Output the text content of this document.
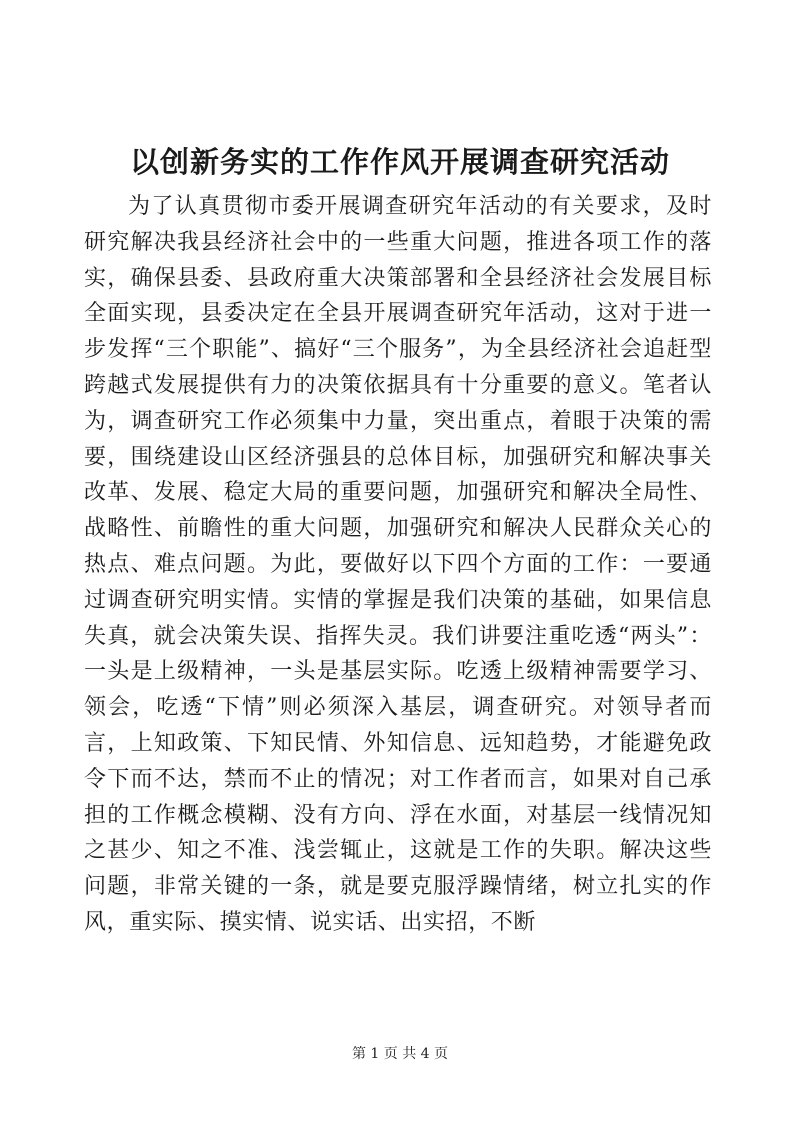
以创新务实的工作作风开展调查研究活动

为了认真贯彻市委开展调查研究年活动的有关要求，及时研究解决我县经济社会中的一些重大问题，推进各项工作的落实，确保县委、县政府重大决策部署和全县经济社会发展目标全面实现，县委决定在全县开展调查研究年活动，这对于进一步发挥“三个职能”、搞好“三个服务”，为全县经济社会追赶型跨越式发展提供有力的决策依据具有十分重要的意义。笔者认为，调查研究工作必须集中力量，突出重点，着眼于决策的需要，围绕建设山区经济强县的总体目标，加强研究和解决事关改革、发展、稳定大局的重要问题，加强研究和解决全局性、战略性、前瞻性的重大问题，加强研究和解决人民群众关心的热点、难点问题。为此，要做好以下四个方面的工作：一要通过调查研究明实情。实情的掌握是我们决策的基础，如果信息失真，就会决策失误、指挥失灵。我们讲要注重吃透“两头”：一头是上级精神，一头是基层实际。吃透上级精神需要学习、领会，吃透“下情”则必须深入基层，调查研究。对领导者而言，上知政策、下知民情、外知信息、远知趋势，才能避免政令下而不达，禁而不止的情况；对工作者而言，如果对自己承担的工作概念模糊、没有方向、浮在水面，对基层一线情况知之甚少、知之不准、浅尝辄止，这就是工作的失职。解决这些问题，非常关键的一条，就是要克服浮躁情绪，树立扎实的作风，重实际、摸实情、说实话、出实招，不断

第 1 页 共 4 页
